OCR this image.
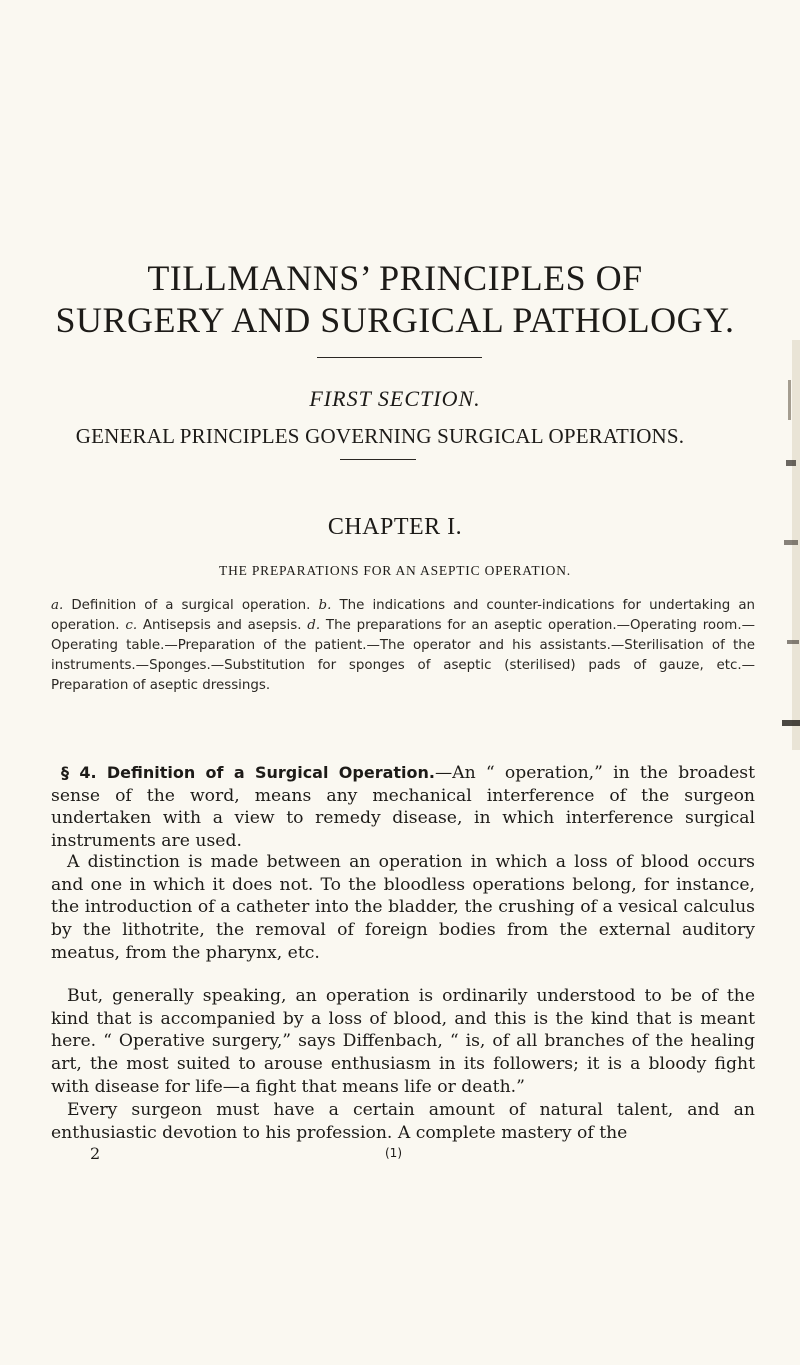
TILLMANNS’ PRINCIPLES OF
SURGERY AND SURGICAL PATHOLOGY.
FIRST SECTION.
GENERAL PRINCIPLES GOVERNING SURGICAL OPERATIONS.
CHAPTER I.
THE PREPARATIONS FOR AN ASEPTIC OPERATION.

a. Definition of a surgical operation. b. The indications and counter-indications for undertaking an operation. c. Antisepsis and asepsis. d. The preparations for an aseptic operation.—Operating room.—Operating table.—Preparation of the patient.—The operator and his assistants.—Sterilisation of the instruments.—Sponges.—Substitution for sponges of aseptic (sterilised) pads of gauze, etc.—Preparation of aseptic dressings.

§ 4. Definition of a Surgical Operation.—An “ operation,” in the broadest sense of the word, means any mechanical interference of the surgeon undertaken with a view to remedy disease, in which interference surgical instruments are used.

A distinction is made between an operation in which a loss of blood occurs and one in which it does not. To the bloodless operations belong, for instance, the introduction of a catheter into the bladder, the crushing of a vesical calculus by the lithotrite, the removal of foreign bodies from the external auditory meatus, from the pharynx, etc.

But, generally speaking, an operation is ordinarily understood to be of the kind that is accompanied by a loss of blood, and this is the kind that is meant here. “ Operative surgery,” says Diffenbach, “ is, of all branches of the healing art, the most suited to arouse enthusiasm in its followers; it is a bloody fight with disease for life—a fight that means life or death.”

Every surgeon must have a certain amount of natural talent, and an enthusiastic devotion to his profession. A complete mastery of the

2	(1)
